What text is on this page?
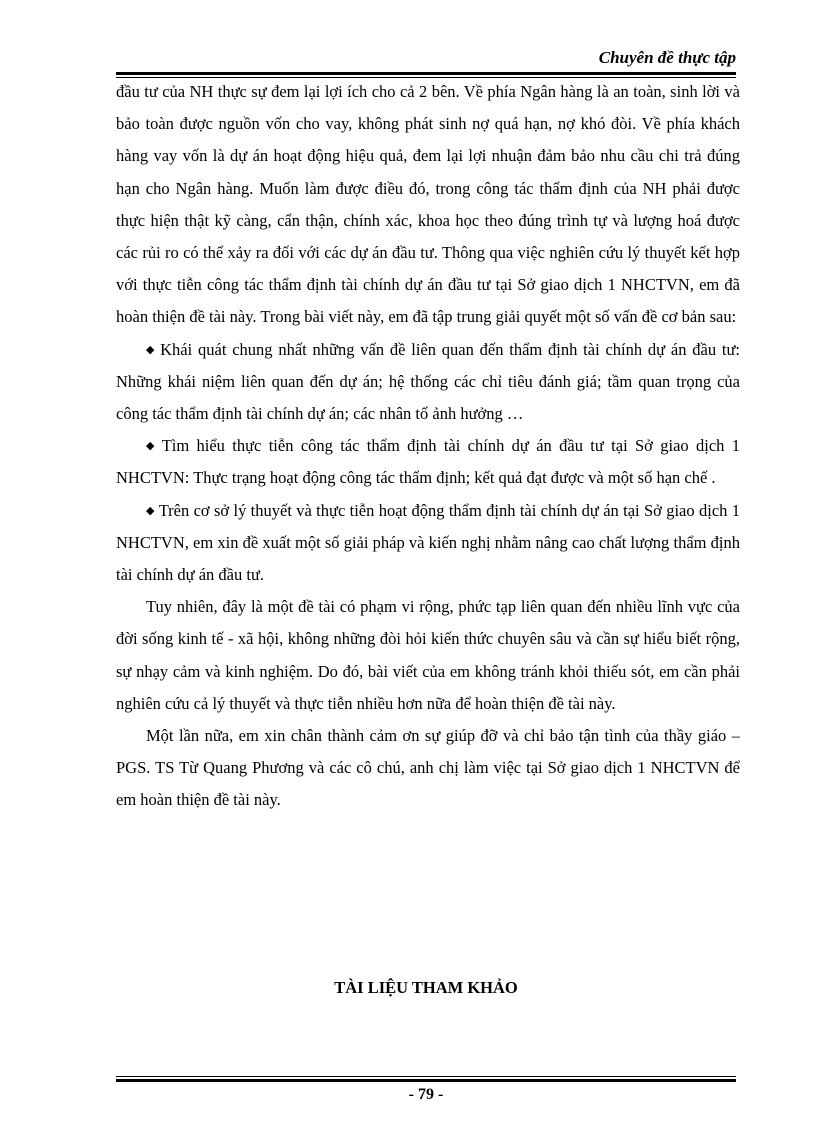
Chuyên đề thực tập

đầu tư của NH thực sự đem lại lợi ích cho cả 2 bên. Về phía Ngân hàng là an toàn, sinh lời và bảo toàn được nguồn vốn cho vay, không phát sinh nợ quá hạn, nợ khó đòi. Về phía khách hàng vay vốn là dự án hoạt động hiệu quả, đem lại lợi nhuận đảm bảo nhu cầu chi trả đúng hạn cho Ngân hàng. Muốn làm được điều đó, trong công tác thẩm định của NH phải được thực hiện thật kỹ càng, cẩn thận, chính xác, khoa học theo đúng trình tự và lượng hoá được các rủi ro có thể xảy ra đối với các dự án đầu tư. Thông qua việc nghiên cứu lý thuyết kết hợp với thực tiễn công tác thẩm định tài chính dự án đầu tư tại Sở giao dịch 1 NHCTVN, em đã hoàn thiện đề tài này. Trong bài viết này, em đã tập trung giải quyết một số vấn đề cơ bản sau:

◆ Khái quát chung nhất những vấn đề liên quan đến thẩm định tài chính dự án đầu tư: Những khái niệm liên quan đến dự án; hệ thống các chỉ tiêu đánh giá; tầm quan trọng của công tác thẩm định tài chính dự án; các nhân tố ảnh hưởng …

◆ Tìm hiểu thực tiễn công tác thẩm định tài chính dự án đầu tư tại Sở giao dịch 1 NHCTVN: Thực trạng hoạt động công tác thẩm định; kết quả đạt được và một số hạn chế .

◆ Trên cơ sở lý thuyết và thực tiễn hoạt động thẩm định tài chính dự án tại Sở giao dịch 1 NHCTVN, em xin đề xuất một số giải pháp và kiến nghị nhằm nâng cao chất lượng thẩm định tài chính dự án đầu tư.

Tuy nhiên, đây là một đề tài có phạm vi rộng, phức tạp liên quan đến nhiều lĩnh vực của đời sống kinh tế - xã hội, không những đòi hỏi kiến thức chuyên sâu và cần sự hiểu biết rộng, sự nhạy cảm và kinh nghiệm. Do đó, bài viết của em không tránh khỏi thiếu sót, em cần phải nghiên cứu cả lý thuyết và thực tiễn nhiều hơn nữa để hoàn thiện đề tài này.

Một lần nữa, em xin chân thành cảm ơn sự giúp đỡ và chỉ bảo tận tình của thầy giáo – PGS. TS Từ Quang Phương và các cô chú, anh chị làm việc tại Sở giao dịch 1 NHCTVN để em hoàn thiện đề tài này.

TÀI LIỆU THAM KHẢO
- 79 -
